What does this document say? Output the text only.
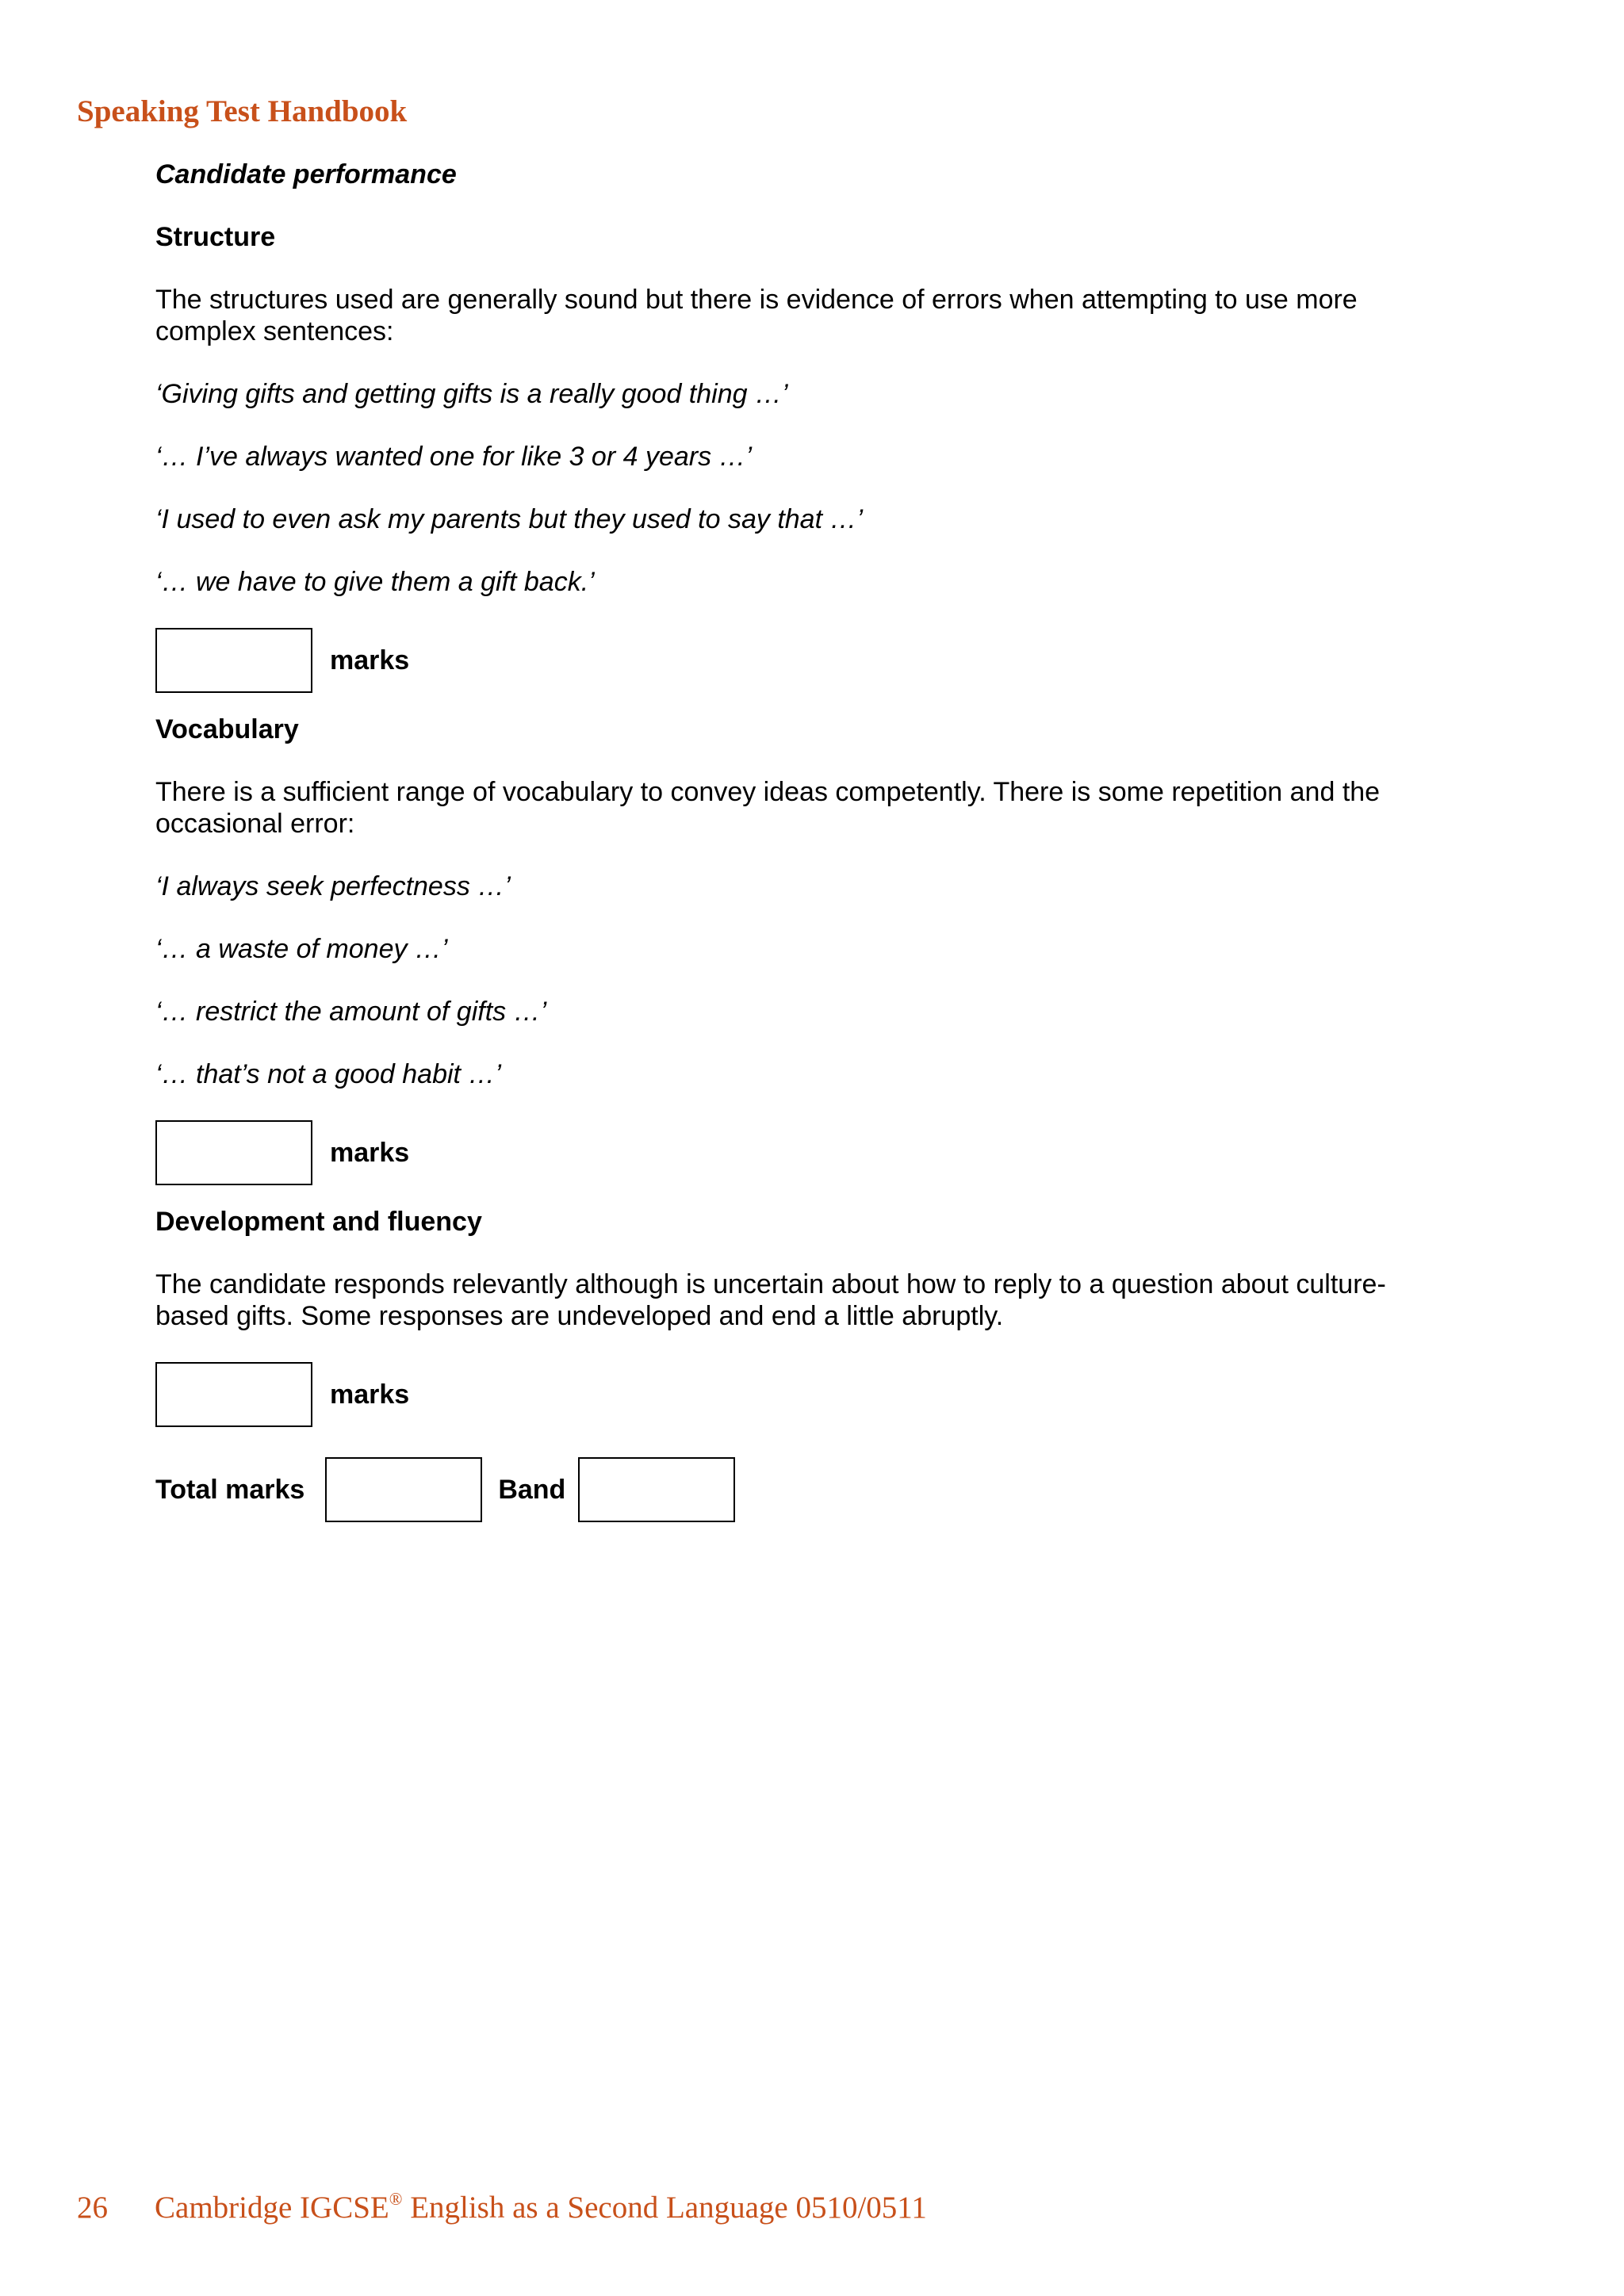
Speaking Test Handbook

Candidate performance

Structure

The structures used are generally sound but there is evidence of errors when attempting to use more complex sentences:

‘Giving gifts and getting gifts is a really good thing …’

‘… I’ve always wanted one for like 3 or 4 years …’

‘I used to even ask my parents but they used to say that …’

‘… we have to give them a gift back.’

marks

Vocabulary

There is a sufficient range of vocabulary to convey ideas competently. There is some repetition and the occasional error:

‘I always seek perfectness …’

‘… a waste of money …’

‘… restrict the amount of gifts …’

‘… that’s not a good habit …’

marks

Development and fluency

The candidate responds relevantly although is uncertain about how to reply to a question about culture-

based gifts. Some responses are undeveloped and end a little abruptly.

marks
Total marks	Band
26 Cambridge IGCSE® English as a Second Language 0510/0511
